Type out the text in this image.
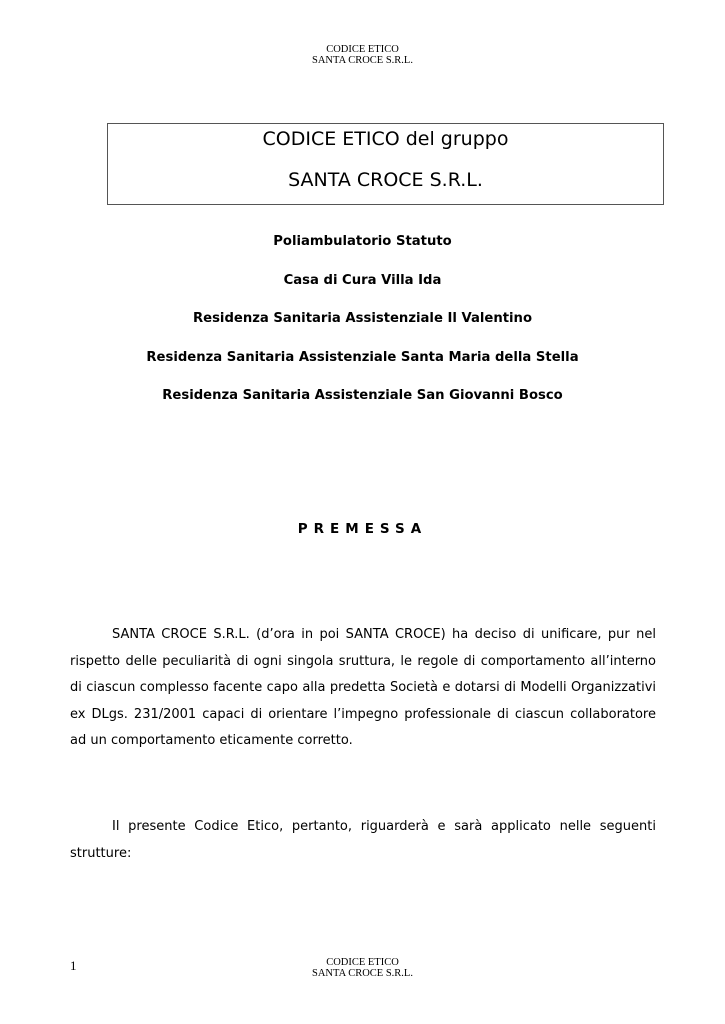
CODICE ETICO
SANTA CROCE S.R.L.
CODICE ETICO del gruppo
SANTA CROCE S.R.L.
Poliambulatorio Statuto
Casa di Cura Villa Ida
Residenza Sanitaria Assistenziale Il Valentino
Residenza Sanitaria Assistenziale Santa Maria della Stella
Residenza Sanitaria Assistenziale San Giovanni Bosco
PREMESSA
SANTA CROCE S.R.L. (d’ora in poi SANTA CROCE) ha deciso di unificare, pur nel rispetto delle peculiarità di ogni singola sruttura, le regole di comportamento all’interno di ciascun complesso facente capo alla predetta Società e dotarsi di Modelli Organizzativi ex DLgs. 231/2001 capaci di orientare l’impegno professionale di ciascun collaboratore ad un comportamento eticamente corretto.
Il presente Codice Etico, pertanto, riguarderà e sarà applicato nelle seguenti strutture:
1	CODICE ETICO
SANTA CROCE S.R.L.
